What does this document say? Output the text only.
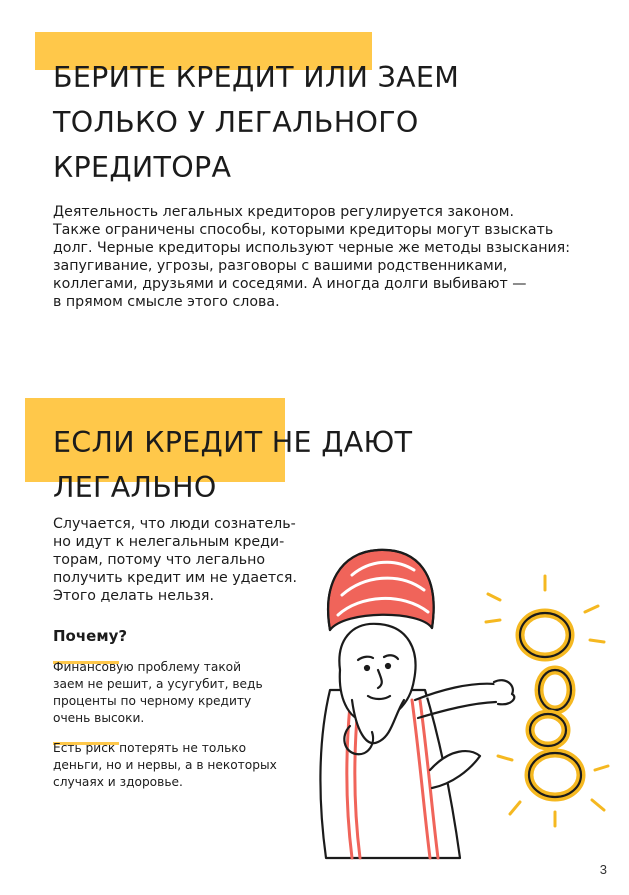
БЕРИТЕ КРЕДИТ ИЛИ ЗАЕМ
ТОЛЬКО У ЛЕГАЛЬНОГО
КРЕДИТОРА

Деятельность легальных кредиторов регулируется законом.
Также ограничены способы, которыми кредиторы могут взыскать
долг. Черные кредиторы используют черные же методы взыскания:
запугивание, угрозы, разговоры с вашими родственниками,
коллегами, друзьями и соседями. А иногда долги выбивают —
в прямом смысле этого слова.

ЕСЛИ КРЕДИТ НЕ ДАЮТ
ЛЕГАЛЬНО

Случается, что люди сознатель-
но идут к нелегальным креди-
торам, потому что легально
получить кредит им не удается.
Этого делать нельзя.

Почему?

Финансовую проблему такой
заем не решит, а усугубит, ведь
проценты по черному кредиту
очень высоки.

Есть риск потерять не только
деньги, но и нервы, а в некоторых
случаях и здоровье.

3
